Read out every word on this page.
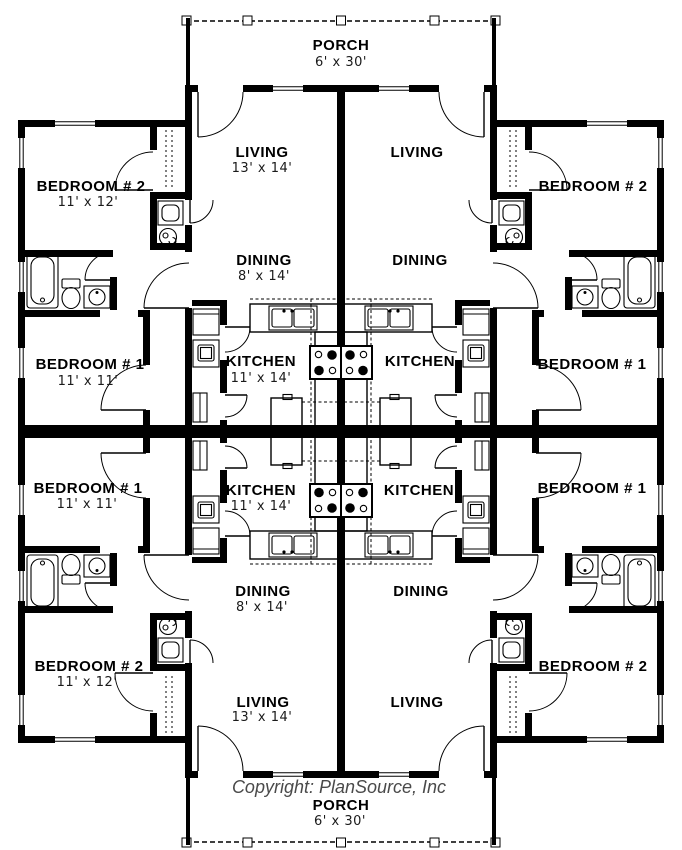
PORCH
6' x 30'
LIVING
13' x 14'
LIVING
BEDROOM # 2
11' x 12'
BEDROOM # 2
DINING
8' x 14'
DINING
BEDROOM # 1
11' x 11'
BEDROOM # 1
KITCHEN
11' x 14'
KITCHEN
KITCHEN
11' x 14'
KITCHEN
BEDROOM # 1
11' x 11'
BEDROOM # 1
DINING
8' x 14'
DINING
BEDROOM # 2
11' x 12'
BEDROOM # 2
LIVING
13' x 14'
LIVING
Copyright: PlanSource, Inc
PORCH
6' x 30'
